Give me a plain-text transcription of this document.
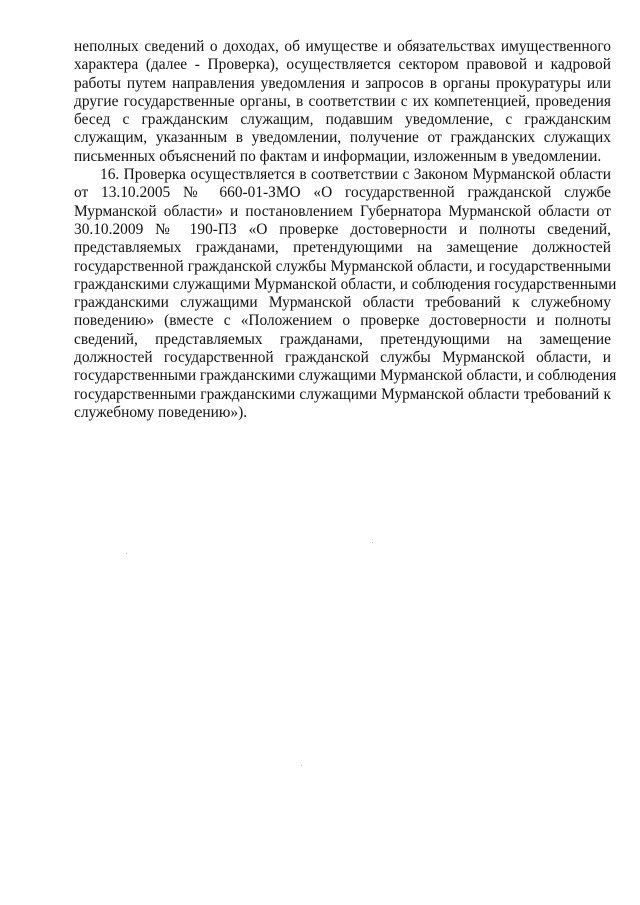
неполных сведений о доходах, об имуществе и обязательствах имущественного
характера (далее - Проверка), осуществляется сектором правовой и кадровой
работы путем направления уведомления и запросов в органы прокуратуры или
другие государственные органы, в соответствии с их компетенцией, проведения
бесед с гражданским служащим, подавшим уведомление, с гражданским
служащим, указанным в уведомлении, получение от гражданских служащих
письменных объяснений по фактам и информации, изложенным в уведомлении.
16. Проверка осуществляется в соответствии с Законом Мурманской области
от 13.10.2005 № 660-01-ЗМО «О государственной гражданской службе
Мурманской области» и постановлением Губернатора Мурманской области от
30.10.2009 № 190-ПЗ «О проверке достоверности и полноты сведений,
представляемых гражданами, претендующими на замещение должностей
государственной гражданской службы Мурманской области, и государственными
гражданскими служащими Мурманской области, и соблюдения государственными
гражданскими служащими Мурманской области требований к служебному
поведению» (вместе с «Положением о проверке достоверности и полноты
сведений, представляемых гражданами, претендующими на замещение
должностей государственной гражданской службы Мурманской области, и
государственными гражданскими служащими Мурманской области, и соблюдения
государственными гражданскими служащими Мурманской области требований к
служебному поведению»).
